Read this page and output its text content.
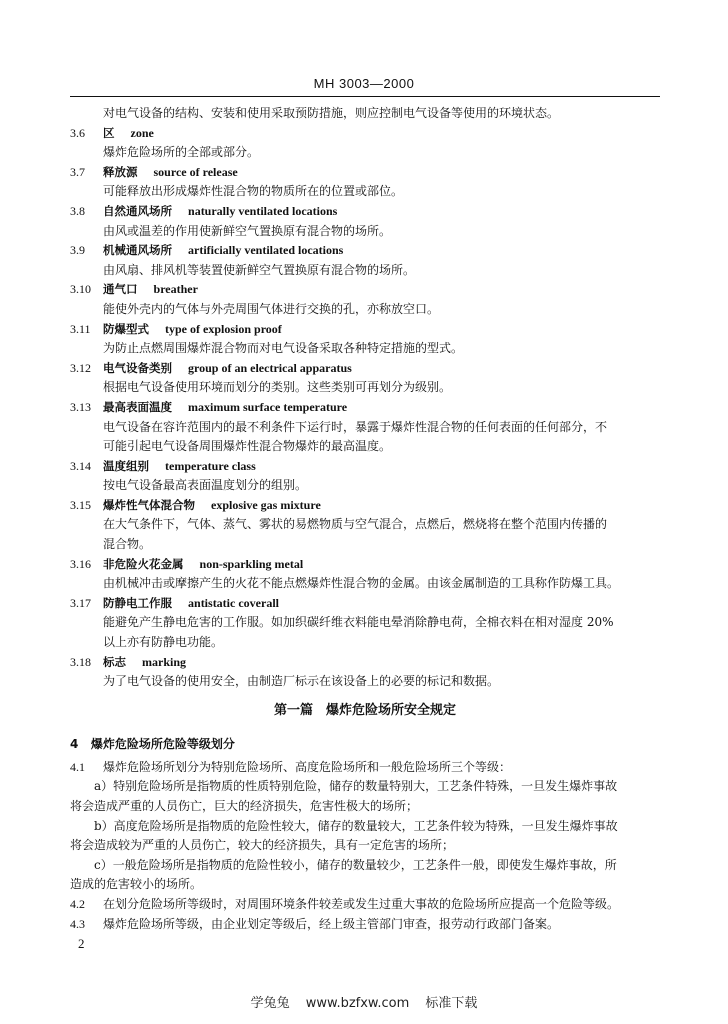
MH 3003—2000
对电气设备的结构、安装和使用采取预防措施，则应控制电气设备等使用的环境状态。
3.6 区 zone
爆炸危险场所的全部或部分。
3.7 释放源 source of release
可能释放出形成爆炸性混合物的物质所在的位置或部位。
3.8 自然通风场所 naturally ventilated locations
由风或温差的作用使新鲜空气置换原有混合物的场所。
3.9 机械通风场所 artificially ventilated locations
由风扇、排风机等装置使新鲜空气置换原有混合物的场所。
3.10 通气口 breather
能使外壳内的气体与外壳周围气体进行交换的孔，亦称放空口。
3.11 防爆型式 type of explosion proof
为防止点燃周围爆炸混合物而对电气设备采取各种特定措施的型式。
3.12 电气设备类别 group of an electrical apparatus
根据电气设备使用环境而划分的类别。这些类别可再划分为级别。
3.13 最高表面温度 maximum surface temperature
电气设备在容许范围内的最不利条件下运行时，暴露于爆炸性混合物的任何表面的任何部分，不
可能引起电气设备周围爆炸性混合物爆炸的最高温度。
3.14 温度组别 temperature class
按电气设备最高表面温度划分的组别。
3.15 爆炸性气体混合物 explosive gas mixture
在大气条件下，气体、蒸气、雾状的易燃物质与空气混合，点燃后，燃烧将在整个范围内传播的
混合物。
3.16 非危险火花金属 non-sparkling metal
由机械冲击或摩擦产生的火花不能点燃爆炸性混合物的金属。由该金属制造的工具称作防爆工具。
3.17 防静电工作服 antistatic coverall
能避免产生静电危害的工作服。如加织碳纤维衣料能电晕消除静电荷，全棉衣料在相对湿度 20%
以上亦有防静电功能。
3.18 标志 marking
为了电气设备的使用安全，由制造厂标示在该设备上的必要的标记和数据。
第一篇　爆炸危险场所安全规定
4 爆炸危险场所危险等级划分
4.1 爆炸危险场所划分为特别危险场所、高度危险场所和一般危险场所三个等级：
a）特别危险场所是指物质的性质特别危险，储存的数量特别大，工艺条件特殊，一旦发生爆炸事故
将会造成严重的人员伤亡，巨大的经济损失，危害性极大的场所；
b）高度危险场所是指物质的危险性较大，储存的数量较大，工艺条件较为特殊，一旦发生爆炸事故
将会造成较为严重的人员伤亡，较大的经济损失，具有一定危害的场所；
c）一般危险场所是指物质的危险性较小，储存的数量较少，工艺条件一般，即使发生爆炸事故，所
造成的危害较小的场所。
4.2 在划分危险场所等级时，对周围环境条件较差或发生过重大事故的危险场所应提高一个危险等级。
4.3 爆炸危险场所等级，由企业划定等级后，经上级主管部门审查，报劳动行政部门备案。
2
学兔兔 www.bzfxw.com 标准下载
